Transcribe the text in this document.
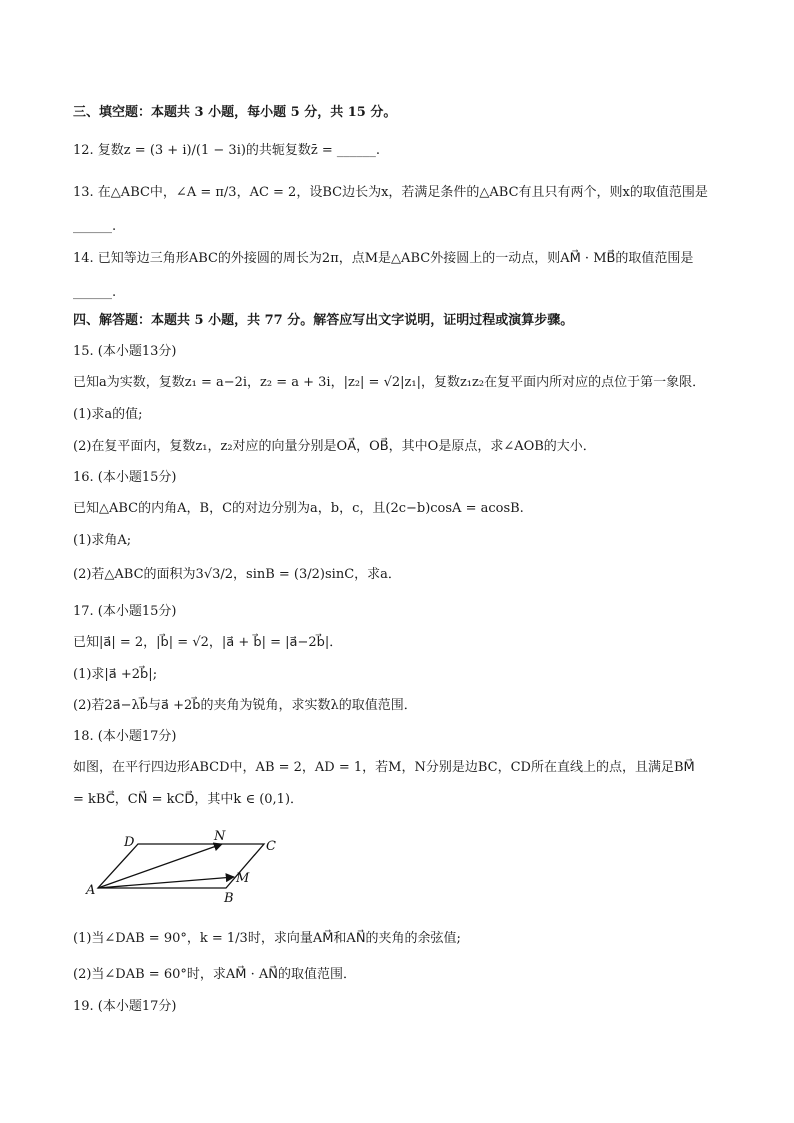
三、填空题：本题共 3 小题，每小题 5 分，共 15 分。
12. 复数z = (3 + i)/(1 − 3i)的共轭复数z̄ = ______.
13. 在△ABC中，∠A = π/3，AC = 2，设BC边长为x，若满足条件的△ABC有且只有两个，则x的取值范围是
______.
14. 已知等边三角形ABC的外接圆的周长为2π，点M是△ABC外接圆上的一动点，则AM⃗ · MB⃗的取值范围是
______.
四、解答题：本题共 5 小题，共 77 分。解答应写出文字说明，证明过程或演算步骤。
15. (本小题13分)
已知a为实数，复数z₁ = a−2i，z₂ = a + 3i，|z₂| = √2|z₁|，复数z₁z₂在复平面内所对应的点位于第一象限．
(1)求a的值;
(2)在复平面内，复数z₁，z₂对应的向量分别是OA⃗，OB⃗，其中O是原点，求∠AOB的大小．
16. (本小题15分)
已知△ABC的内角A，B，C的对边分别为a，b，c，且(2c−b)cosA = acosB.
(1)求角A;
(2)若△ABC的面积为3√3/2，sinB = (3/2)sinC，求a．
17. (本小题15分)
已知|a⃗| = 2，|b⃗| = √2，|a⃗ + b⃗| = |a⃗−2b⃗|．
(1)求|a⃗ +2b⃗|;
(2)若2a⃗−λb⃗与a⃗ +2b⃗的夹角为锐角，求实数λ的取值范围．
18. (本小题17分)
如图，在平行四边形ABCD中，AB = 2，AD = 1，若M，N分别是边BC，CD所在直线上的点，且满足BM⃗
= kBC⃗，CN⃗ = kCD⃗，其中k ∈ (0,1)．
A
B
C
D
M
N
(1)当∠DAB = 90°，k = 1/3时，求向量AM⃗和AN⃗的夹角的余弦值;
(2)当∠DAB = 60°时，求AM⃗ · AN⃗的取值范围．
19. (本小题17分)
